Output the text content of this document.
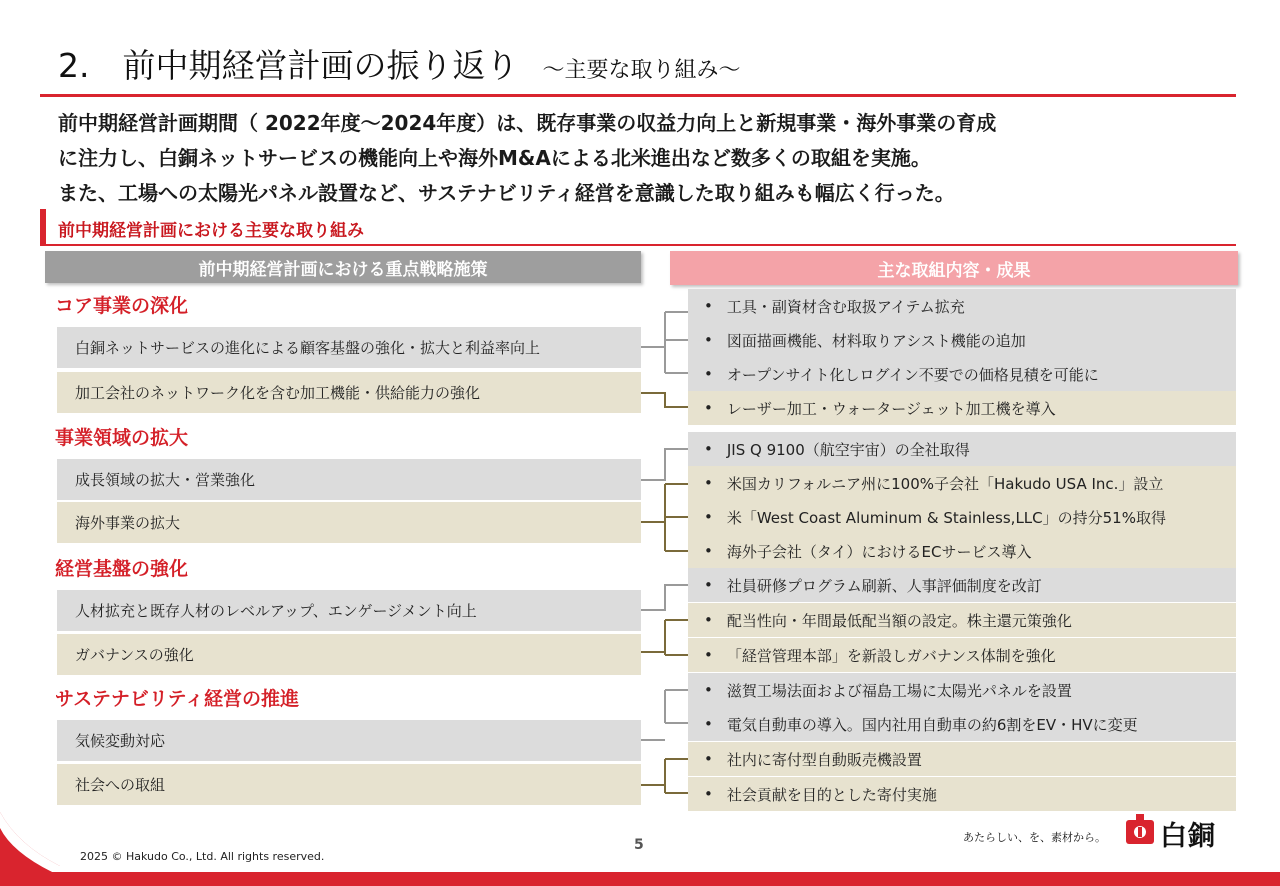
2.　前中期経営計画の振り返り ～主要な取り組み～
前中期経営計画期間（ 2022年度～2024年度）は、既存事業の収益力向上と新規事業・海外事業の育成
に注力し、白銅ネットサービスの機能向上や海外M&Aによる北米進出など数多くの取組を実施。
また、工場への太陽光パネル設置など、サステナビリティ経営を意識した取り組みも幅広く行った。
前中期経営計画における主要な取り組み
前中期経営計画における重点戦略施策	主な取組内容・成果
コア事業の深化
白銅ネットサービスの進化による顧客基盤の強化・拡大と利益率向上
加工会社のネットワーク化を含む加工機能・供給能力の強化
事業領域の拡大
成長領域の拡大・営業強化
海外事業の拡大
経営基盤の強化
人材拡充と既存人材のレベルアップ、エンゲージメント向上
ガバナンスの強化
サステナビリティ経営の推進
気候変動対応
社会への取組
• 工具・副資材含む取扱アイテム拡充
• 図面描画機能、材料取りアシスト機能の追加
• オープンサイト化しログイン不要での価格見積を可能に
• レーザー加工・ウォータージェット加工機を導入
• JIS Q 9100（航空宇宙）の全社取得
• 米国カリフォルニア州に100%子会社「Hakudo USA Inc.」設立
• 米「West Coast Aluminum & Stainless,LLC」の持分51%取得
• 海外子会社（タイ）におけるECサービス導入
• 社員研修プログラム刷新、人事評価制度を改訂
• 配当性向・年間最低配当額の設定。株主還元策強化
• 「経営管理本部」を新設しガバナンス体制を強化
• 滋賀工場法面および福島工場に太陽光パネルを設置
• 電気自動車の導入。国内社用自動車の約6割をEV・HVに変更
• 社内に寄付型自動販売機設置
• 社会貢献を目的とした寄付実施
2025 © Hakudo Co., Ltd. All rights reserved.
5	あたらしい、を、素材から。 白銅
